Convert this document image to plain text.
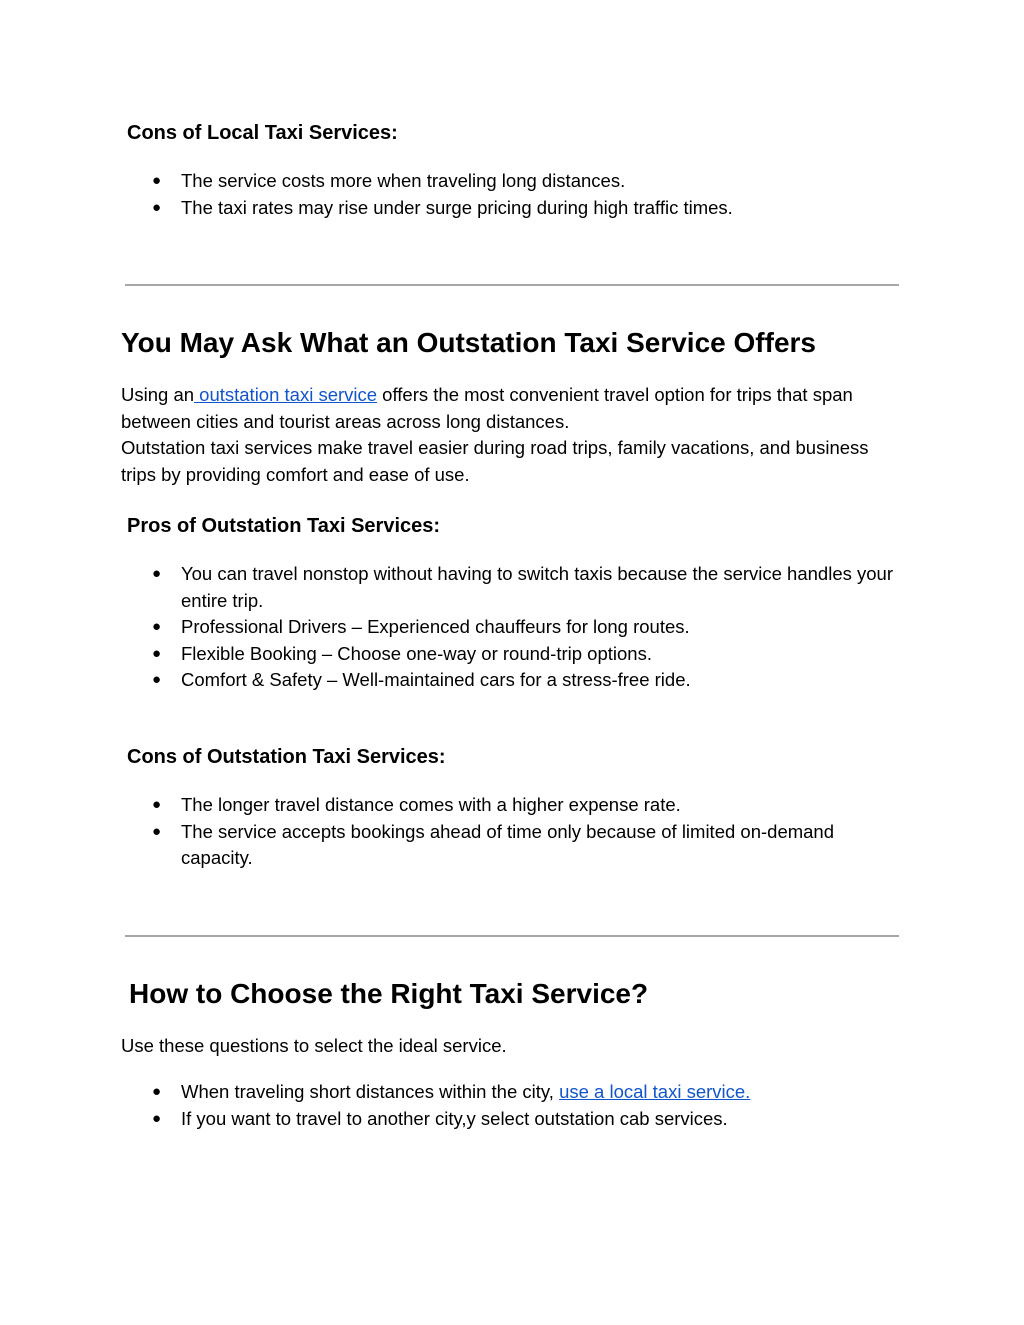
Cons of Local Taxi Services:
● The service costs more when traveling long distances.
● The taxi rates may rise under surge pricing during high traffic times.
You May Ask What an Outstation Taxi Service Offers

Using an outstation taxi service offers the most convenient travel option for trips that span between cities and tourist areas across long distances.
Outstation taxi services make travel easier during road trips, family vacations, and business trips by providing comfort and ease of use.

Pros of Outstation Taxi Services:
● You can travel nonstop without having to switch taxis because the service handles your entire trip.
● Professional Drivers – Experienced chauffeurs for long routes.
● Flexible Booking – Choose one-way or round-trip options.
● Comfort & Safety – Well-maintained cars for a stress-free ride.
Cons of Outstation Taxi Services:
● The longer travel distance comes with a higher expense rate.
● The service accepts bookings ahead of time only because of limited on-demand capacity.
How to Choose the Right Taxi Service?

Use these questions to select the ideal service.

● When traveling short distances within the city, use a local taxi service.
● If you want to travel to another city,y select outstation cab services.
